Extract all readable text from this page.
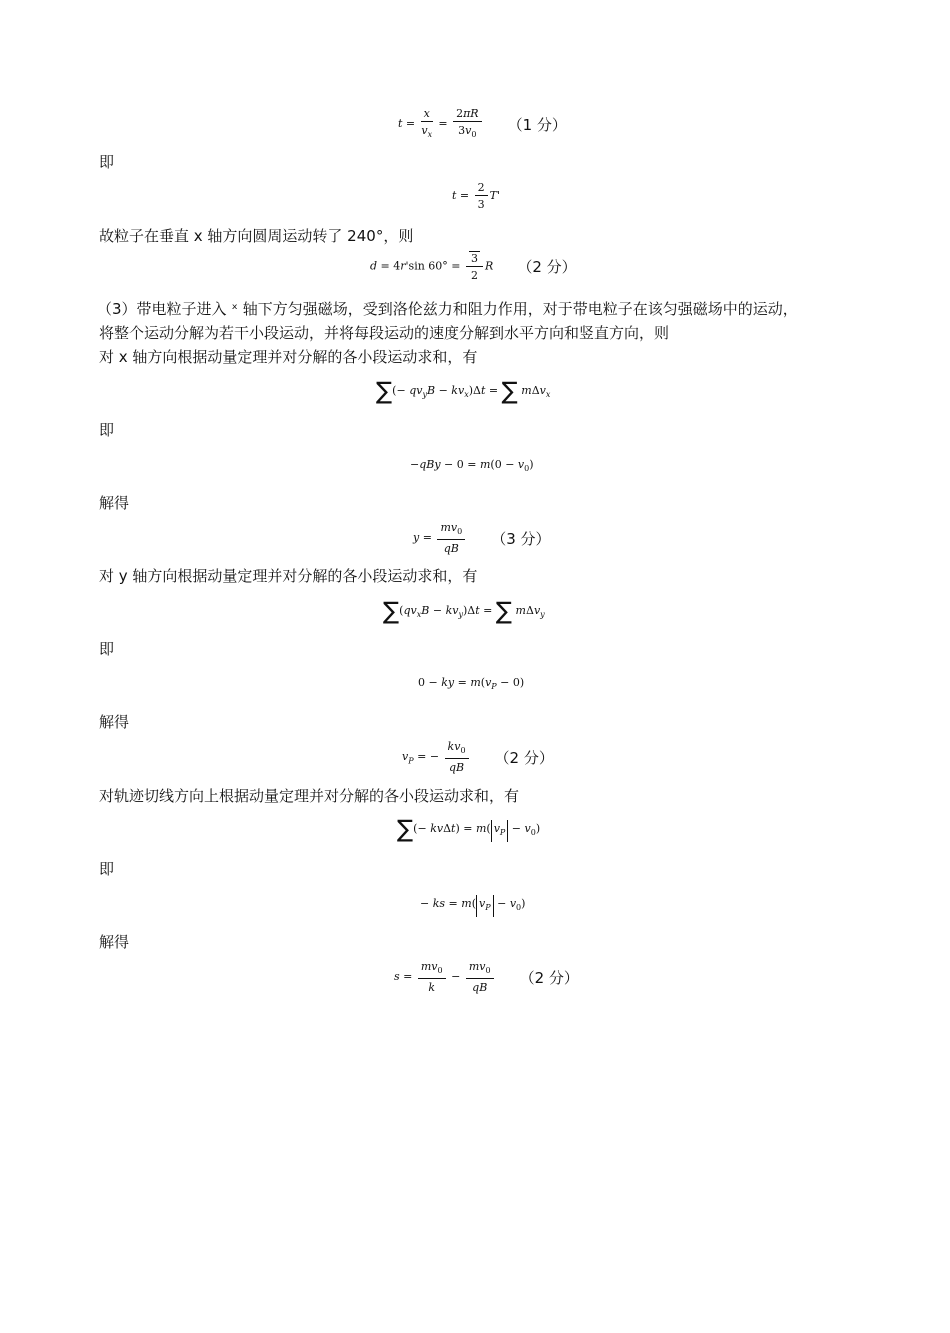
$t = \frac{x}{v_x} = \frac{2\pi R}{3v_0} (1$ 分）
即
$t = \frac{2}{3} T'$
故粒子在垂直 x 轴方向圆周运动转了 240°，则
d = 4r'sin $60^\circ = \frac{3}{2}$ R （2 分）
（3）带电粒子进入 ˣ 轴下方匀强磁场，受到洛伦兹力和阻力作用，对于带电粒子在该匀强磁场中的运动，
将整个运动分解为若干小段运动，并将每段运动的速度分解到水平方向和竖直方向，则
对 x 轴方向根据动量定理并对分解的各小段运动求和，有
∑(− $qv_yB - kv_x)\Delta t$ = ∑ mΔv$_x$
即
$-qBy - 0 = m(0 - v_0)$
解得
$y = \frac{mv_0}{qB} (3$ 分）
对 y 轴方向根据动量定理并对分解的各小段运动求和，有
$\sum(qv_xB - kv_y)\Delta t$ = ∑ mΔv$_y$
即
0 − ky = $m(v_P - 0)$
解得
$v_P$ = − $\frac{kv_0}{qB} (2$ 分）
对轨迹切线方向上根据动量定理并对分解的各小段运动求和，有
∑(− kvΔt) = m( $v_P - v_0$)
即
− ks = m( $v_P - v_0$)
解得
$s = \frac{mv_0}{k} - \frac{mv_0}{qB} (2$ 分）
